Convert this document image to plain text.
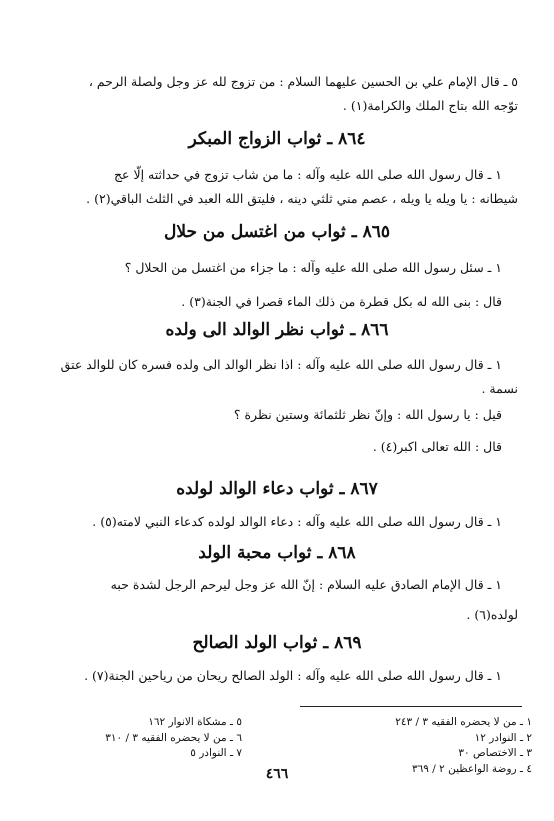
٥ ـ قال الإمام علي بن الحسين عليهما السلام : من تزوج لله عز وجل ولصلة الرحم ،
توّجه الله بتاج الملك والكرامة(١) .
٨٦٤ ـ ثواب الزواج المبكر
١ ـ قال رسول الله صلى الله عليه وآله : ما من شاب تزوج في حداثته إلّا عج
شيطانه : يا ويله يا ويله ، عصم مني ثلثي دينه ، فليتق الله العبد في الثلث الباقي(٢) .
٨٦٥ ـ ثواب من اغتسل من حلال
١ ـ سئل رسول الله صلى الله عليه وآله : ما جزاء من اغتسل من الحلال ؟
قال : بنى الله له بكل قطرة من ذلك الماء قصرا في الجنة(٣) .
٨٦٦ ـ ثواب نظر الوالد الى ولده
١ ـ قال رسول الله صلى الله عليه وآله : اذا نظر الوالد الى ولده فسره كان للوالد عتق
نسمة .
قيل : يا رسول الله : وإنّ نظر ثلثمائة وستين نظرة ؟
قال : الله تعالى اكبر(٤) .
٨٦٧ ـ ثواب دعاء الوالد لولده
١ ـ قال رسول الله صلى الله عليه وآله : دعاء الوالد لولده كدعاء النبي لامته(٥) .
٨٦٨ ـ ثواب محبة الولد
١ ـ قال الإمام الصادق عليه السلام : إنّ الله عز وجل ليرحم الرجل لشدة حبه
لولده(٦) .
٨٦٩ ـ ثواب الولد الصالح
١ ـ قال رسول الله صلى الله عليه وآله : الولد الصالح ريحان من رياحين الجنة(٧) .
١ ـ من لا يحضره الفقيه ٣ / ٢٤٣
٢ ـ النوادر ١٢
٣ ـ الاختصاص ٣٠
٤ ـ روضة الواعظين ٢ / ٣٦٩
٥ ـ مشكاة الانوار ١٦٢
٦ ـ من لا يحضره الفقيه ٣ / ٣١٠
٧ ـ النوادر ٥
٤٦٦
